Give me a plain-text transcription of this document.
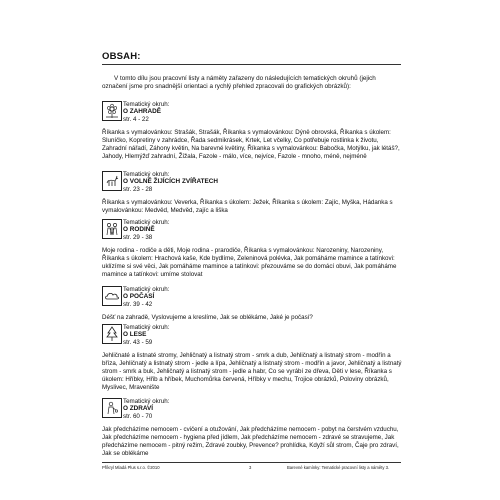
OBSAH:
V tomto dílu jsou pracovní listy a náměty zařazeny do následujících tematických okruhů (jejich označení jsme pro snadnější orientaci a rychlý přehled zpracovali do grafických obrázků):
Tematický okruh:
O ZAHRADĚ
str. 4 - 22
Říkanka s vymalovánkou: Strašák, Strašák, Říkanka s vymalovánkou: Dýně obrovská, Říkanka s úkolem: Sluníčko, Kopretiny v zahrádce, Řada sedmikrásek, Krtek, Let včelky, Co potřebuje rostlinka k životu, Zahradní nářadí, Záhony květin, Na barevné květiny, Říkanka s vymalovánkou: Babočka, Motýlku, jak létáš?, Jahody, Hlemýžď zahradní, Žížala, Fazole - málo, více, nejvíce, Fazole - mnoho, méně, nejméně
Tematický okruh:
O VOLNĚ ŽIJÍCÍCH ZVÍŘATECH
str. 23 - 28
Říkanka s vymalovánkou: Veverka, Říkanka s úkolem: Ježek, Říkanka s úkolem: Zajíc, Myška, Hádanka s vymalovánkou: Medvěd, Medvěd, zajíc a liška
Tematický okruh:
O RODINĚ
str. 29 - 38
Moje rodina - rodiče a děti, Moje rodina - prarodiče, Říkanka s vymalovánkou: Narozeniny, Narozeniny, Říkanka s úkolem: Hrachová kaše, Kde bydlíme, Zeleninová polévka, Jak pomáháme mamince a tatínkovi: uklízíme si své věci, Jak pomáháme mamince a tatínkovi: přezouváme se do domácí obuvi, Jak pomáháme mamince a tatínkovi: umíme stolovat
Tematický okruh:
O POČASÍ
str. 39 - 42
Déšť na zahradě, Vyslovujeme a kreslíme, Jak se oblékáme, Jaké je počasí?
Tematický okruh:
O LESE
str. 43 - 59
Jehličnaté a listnaté stromy, Jehličnatý a listnatý strom - smrk a dub, Jehličnatý a listnatý strom - modřín a bříza, Jehličnatý a listnatý strom - jedle a lípa, Jehličnatý a listnatý strom - modřín a javor, Jehličnatý a listnatý strom - smrk a buk, Jehličnatý a listnatý strom - jedle a habr, Co se vyrábí ze dřeva, Děti v lese, Říkanka s úkolem: Hříbky, Hřib a hříbek, Muchomůrka červená, Hříbky v mechu, Trojice obrázků, Poloviny obrázků, Myslivec, Mravenište
Tematický okruh:
O ZDRAVÍ
str. 60 - 70
Jak předcházíme nemocem - cvičení a otužování, Jak předcházíme nemocem - pobyt na čerstvém vzduchu, Jak předcházíme nemocem - hygiena před jídlem, Jak předcházíme nemocem - zdravé se stravujeme, Jak předcházíme nemocem - pitný režim, Zdravé zoubky, Prevence? prohlídka, Kdyží sůl strom, Čaje pro zdraví, Jak se oblékáme
Příkryl Mladá Plus s.r.o. ©2010	3	Barevné kamínky: Tematické pracovní listy a náměty 3.
